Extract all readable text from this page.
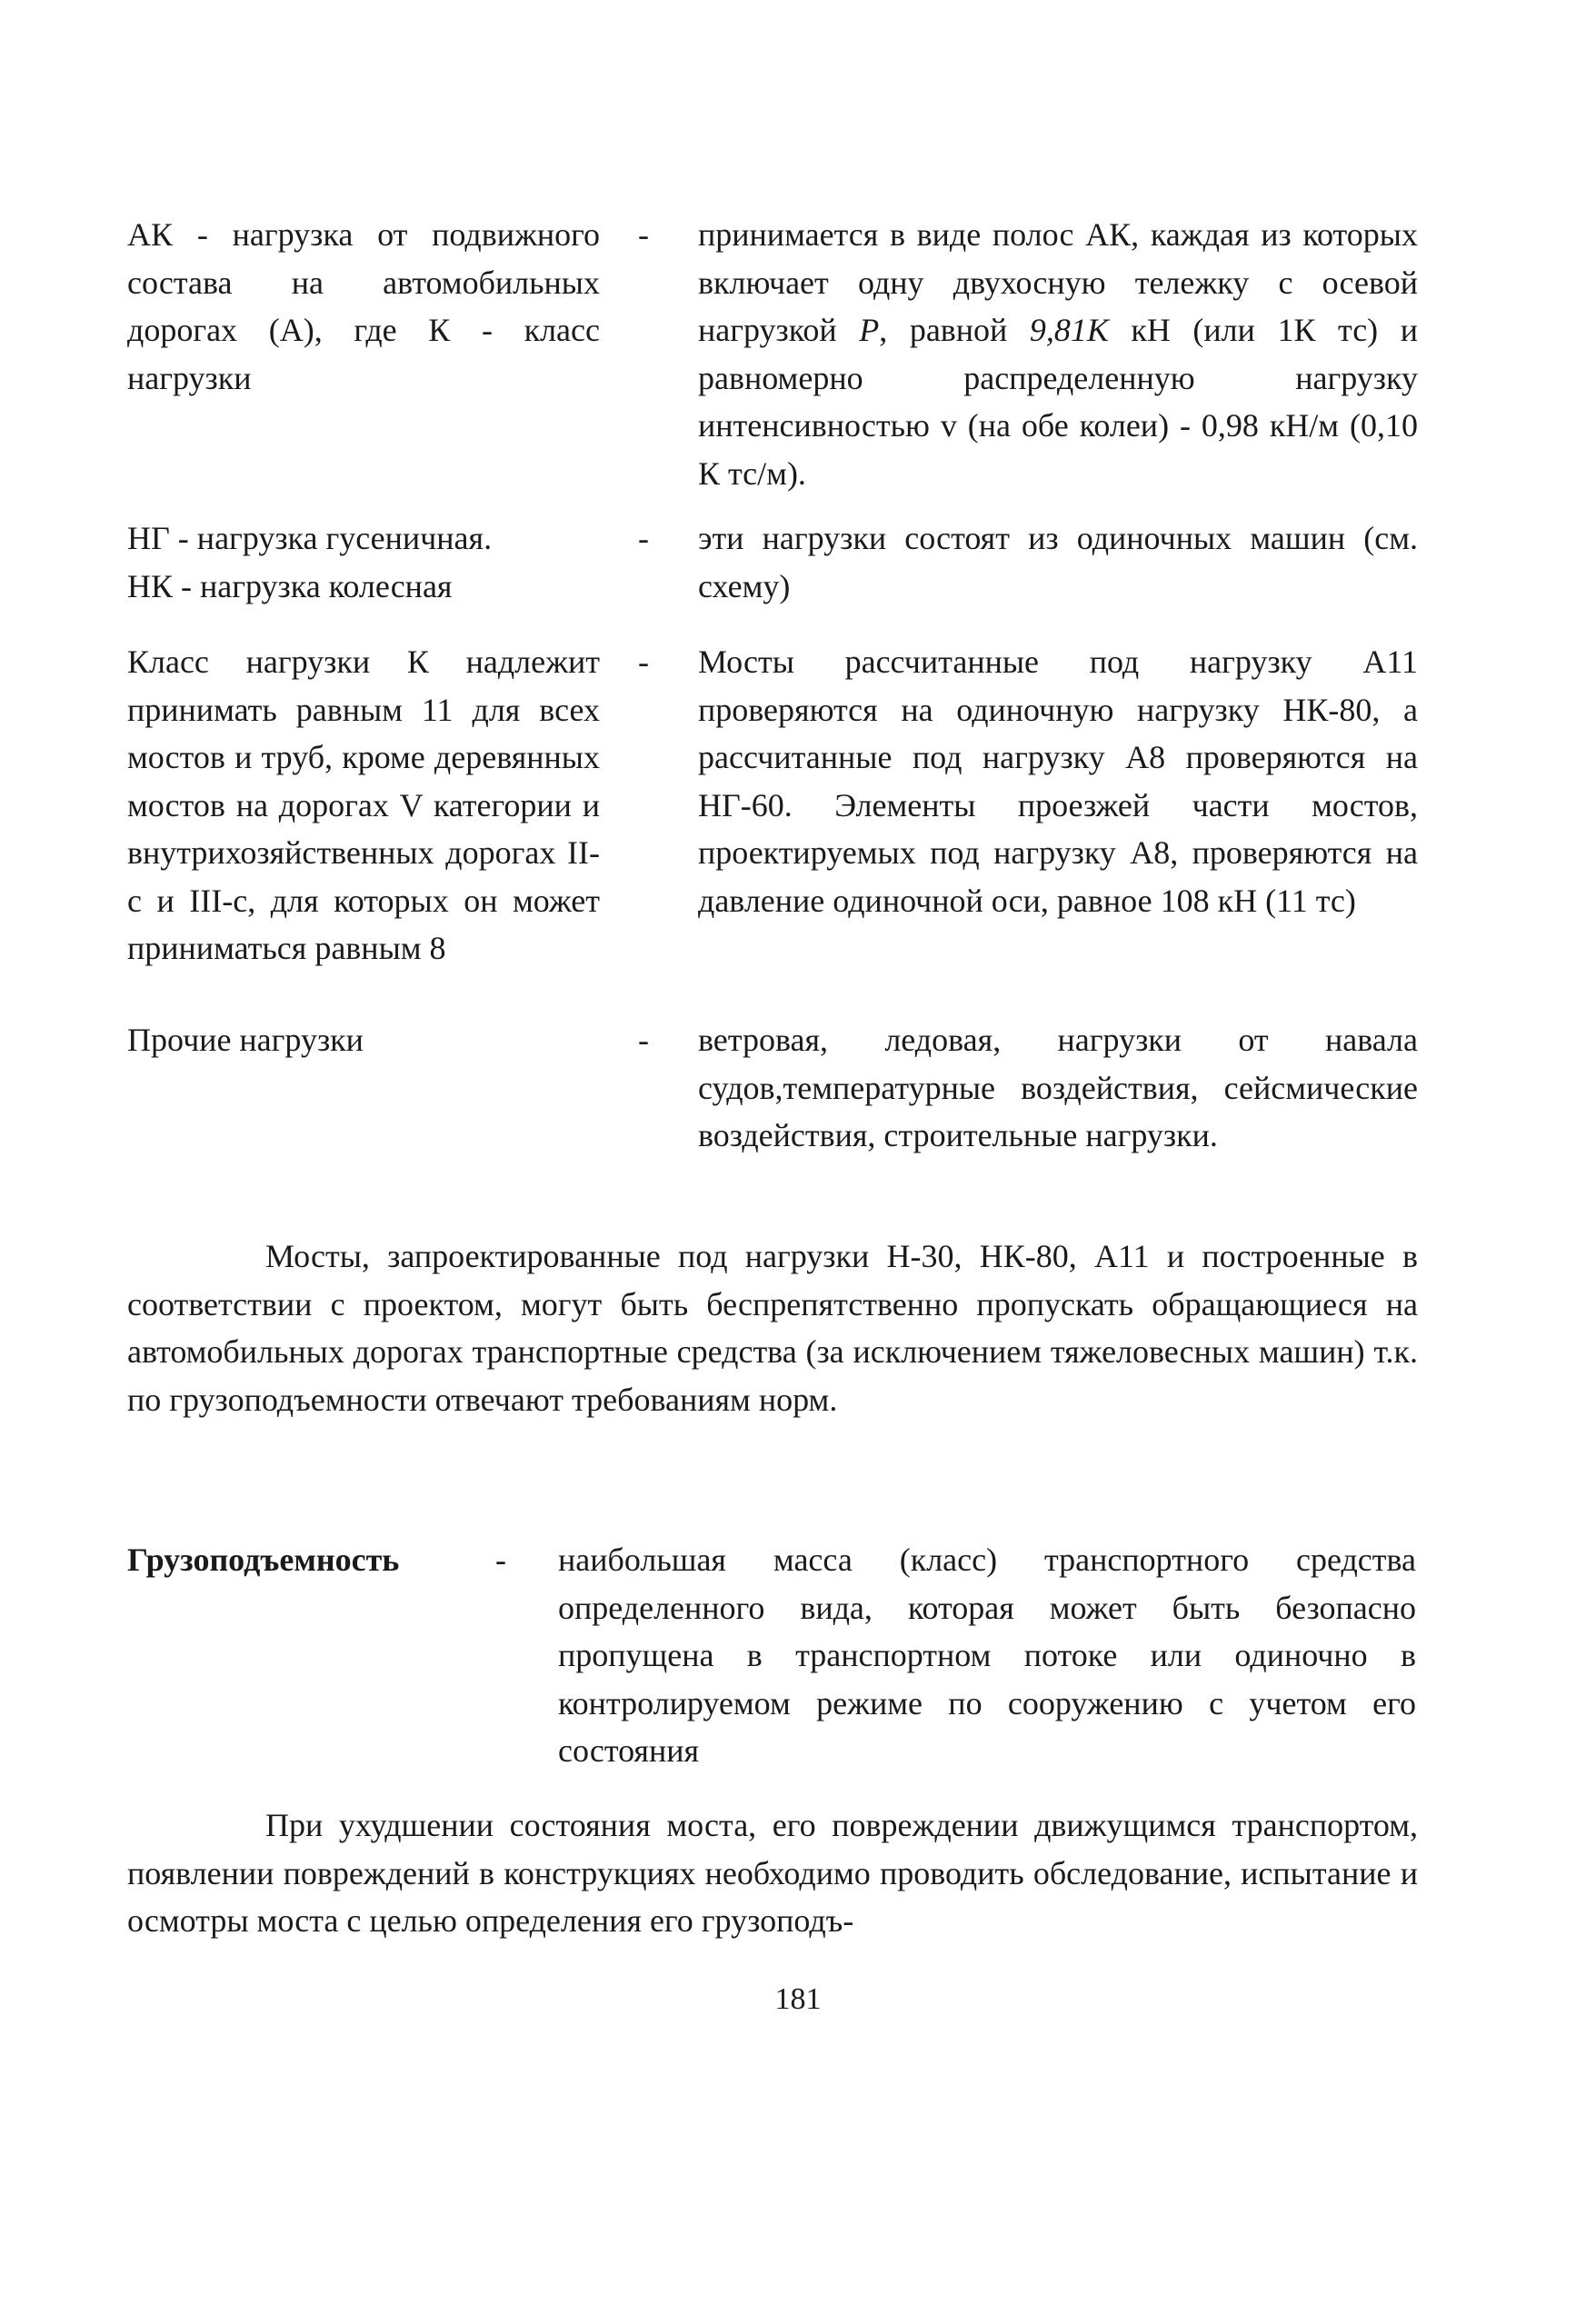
АК - нагрузка от подвижного состава на автомобильных дорогах (А), где К - класс нагрузки
- принимается в виде полос АК, каждая из которых включает одну двухосную тележку с осевой нагрузкой P, равной 9,81К кН (или 1К тс) и равномерно распределенную нагрузку интенсивностью v (на обе колеи) - 0,98 кН/м (0,10 К тс/м).
НГ - нагрузка гусеничная.
НК - нагрузка колесная
- эти нагрузки состоят из одиночных машин (см. схему)
Класс нагрузки К надлежит принимать равным 11 для всех мостов и труб, кроме деревянных мостов на дорогах V категории и внутрихозяйственных дорогах II-с и III-с, для которых он может приниматься равным 8
- Мосты рассчитанные под нагрузку А11 проверяются на одиночную нагрузку НК-80, а рассчитанные под нагрузку А8 проверяются на НГ-60. Элементы проезжей части мостов, проектируемых под нагрузку А8, проверяются на давление одиночной оси, равное 108 кН (11 тс)
Прочие нагрузки	- ветровая, ледовая, нагрузки от навала судов,температурные воздействия, сейсмические воздействия, строительные нагрузки.
Мосты, запроектированные под нагрузки Н-30, НК-80, А11 и построенные в соответствии с проектом, могут быть беспрепятственно пропускать обращающиеся на автомобильных дорогах транспортные средства (за исключением тяжеловесных машин) т.к. по грузоподъемности отвечают требованиям норм.
Грузоподъемность	- наибольшая масса (класс) транспортного средства определенного вида, которая может быть безопасно пропущена в транспортном потоке или одиночно в контролируемом режиме по сооружению с учетом его состояния
При ухудшении состояния моста, его повреждении движущимся транспортом, появлении повреждений в конструкциях необходимо проводить обследование, испытание и осмотры моста с целью определения его грузоподъ-
181
